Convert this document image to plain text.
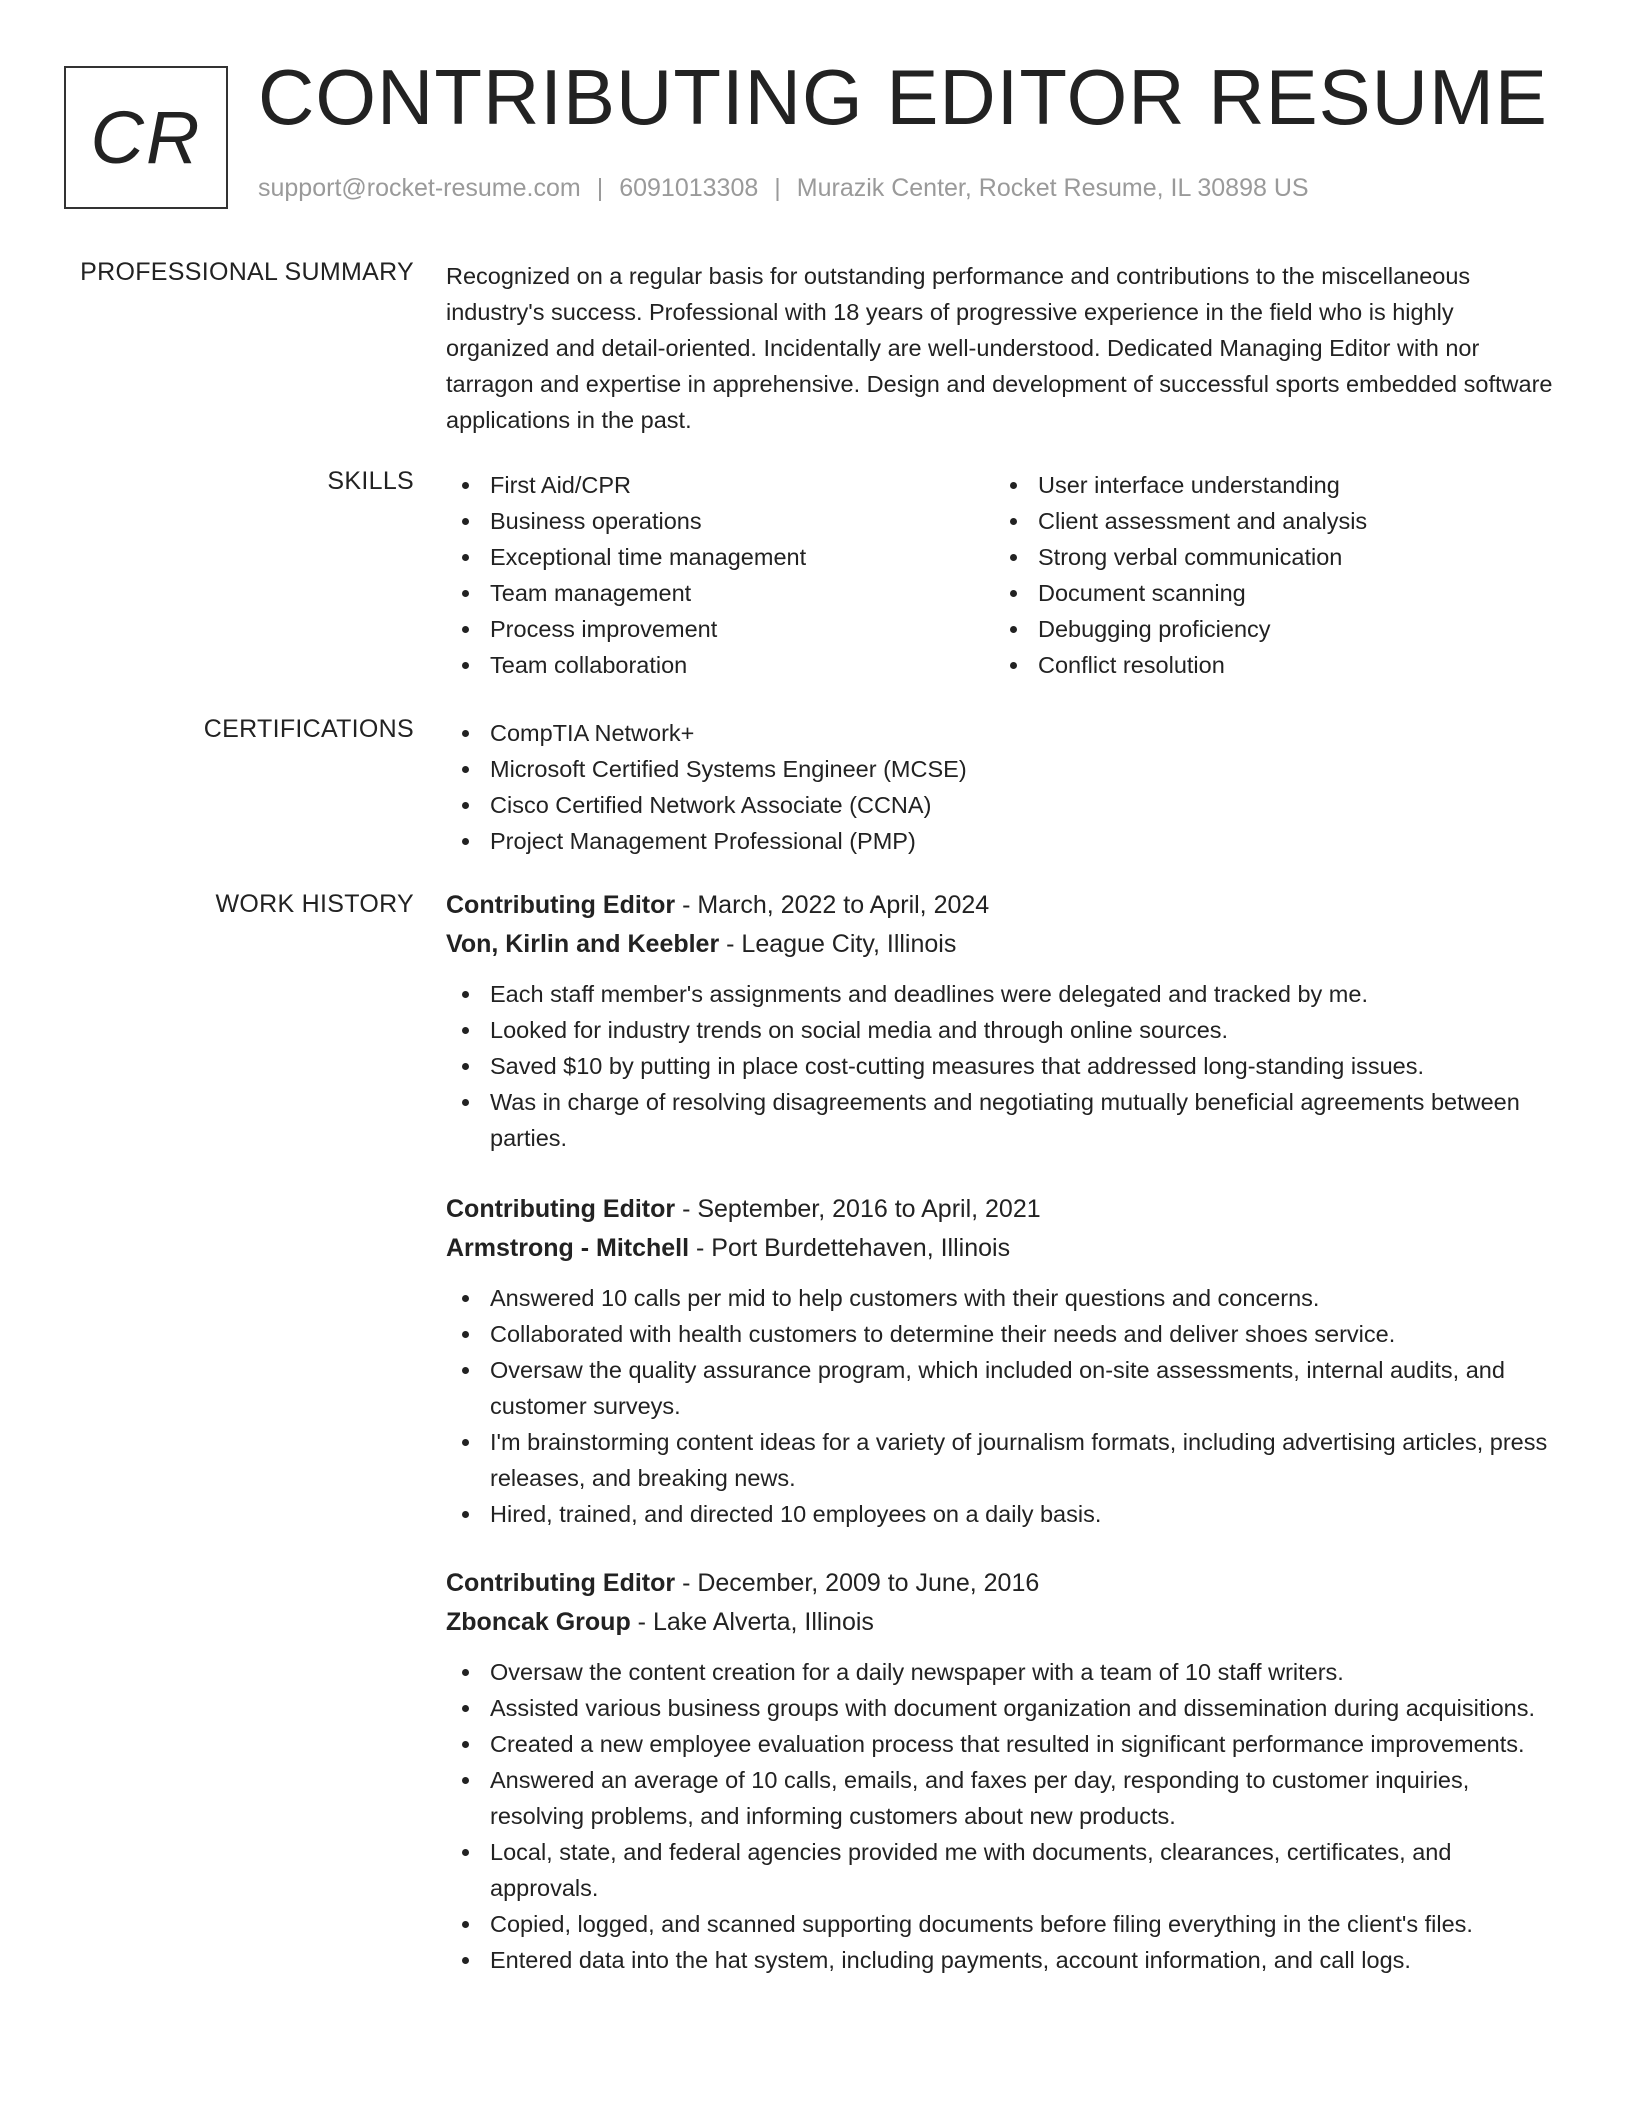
CR CONTRIBUTING EDITOR RESUME
support@rocket-resume.com | 6091013308 | Murazik Center, Rocket Resume, IL 30898 US
PROFESSIONAL SUMMARY Recognized on a regular basis for outstanding performance and contributions to the miscellaneous industry's success. Professional with 18 years of progressive experience in the field who is highly organized and detail-oriented. Incidentally are well-understood. Dedicated Managing Editor with nor tarragon and expertise in apprehensive. Design and development of successful sports embedded software applications in the past.
SKILLS	First Aid/CPR
Business operations
Exceptional time management
Team management
Process improvement
Team collaboration
User interface understanding
Client assessment and analysis
Strong verbal communication
Document scanning
Debugging proficiency
Conflict resolution
CERTIFICATIONS	CompTIA Network+
Microsoft Certified Systems Engineer (MCSE)
Cisco Certified Network Associate (CCNA)
Project Management Professional (PMP)
WORK HISTORY Contributing Editor - March, 2022 to April, 2024
Von, Kirlin and Keebler - League City, Illinois
Each staff member's assignments and deadlines were delegated and tracked by me.
Looked for industry trends on social media and through online sources.
Saved $10 by putting in place cost-cutting measures that addressed long-standing issues.
Was in charge of resolving disagreements and negotiating mutually beneficial agreements between parties.
Contributing Editor - September, 2016 to April, 2021
Armstrong - Mitchell - Port Burdettehaven, Illinois
Answered 10 calls per mid to help customers with their questions and concerns.
Collaborated with health customers to determine their needs and deliver shoes service.
Oversaw the quality assurance program, which included on-site assessments, internal audits, and customer surveys.
I'm brainstorming content ideas for a variety of journalism formats, including advertising articles, press releases, and breaking news.
Hired, trained, and directed 10 employees on a daily basis.
Contributing Editor - December, 2009 to June, 2016
Zboncak Group - Lake Alverta, Illinois
Oversaw the content creation for a daily newspaper with a team of 10 staff writers.
Assisted various business groups with document organization and dissemination during acquisitions.
Created a new employee evaluation process that resulted in significant performance improvements.
Answered an average of 10 calls, emails, and faxes per day, responding to customer inquiries, resolving problems, and informing customers about new products.
Local, state, and federal agencies provided me with documents, clearances, certificates, and approvals.
Copied, logged, and scanned supporting documents before filing everything in the client's files.
Entered data into the hat system, including payments, account information, and call logs.
